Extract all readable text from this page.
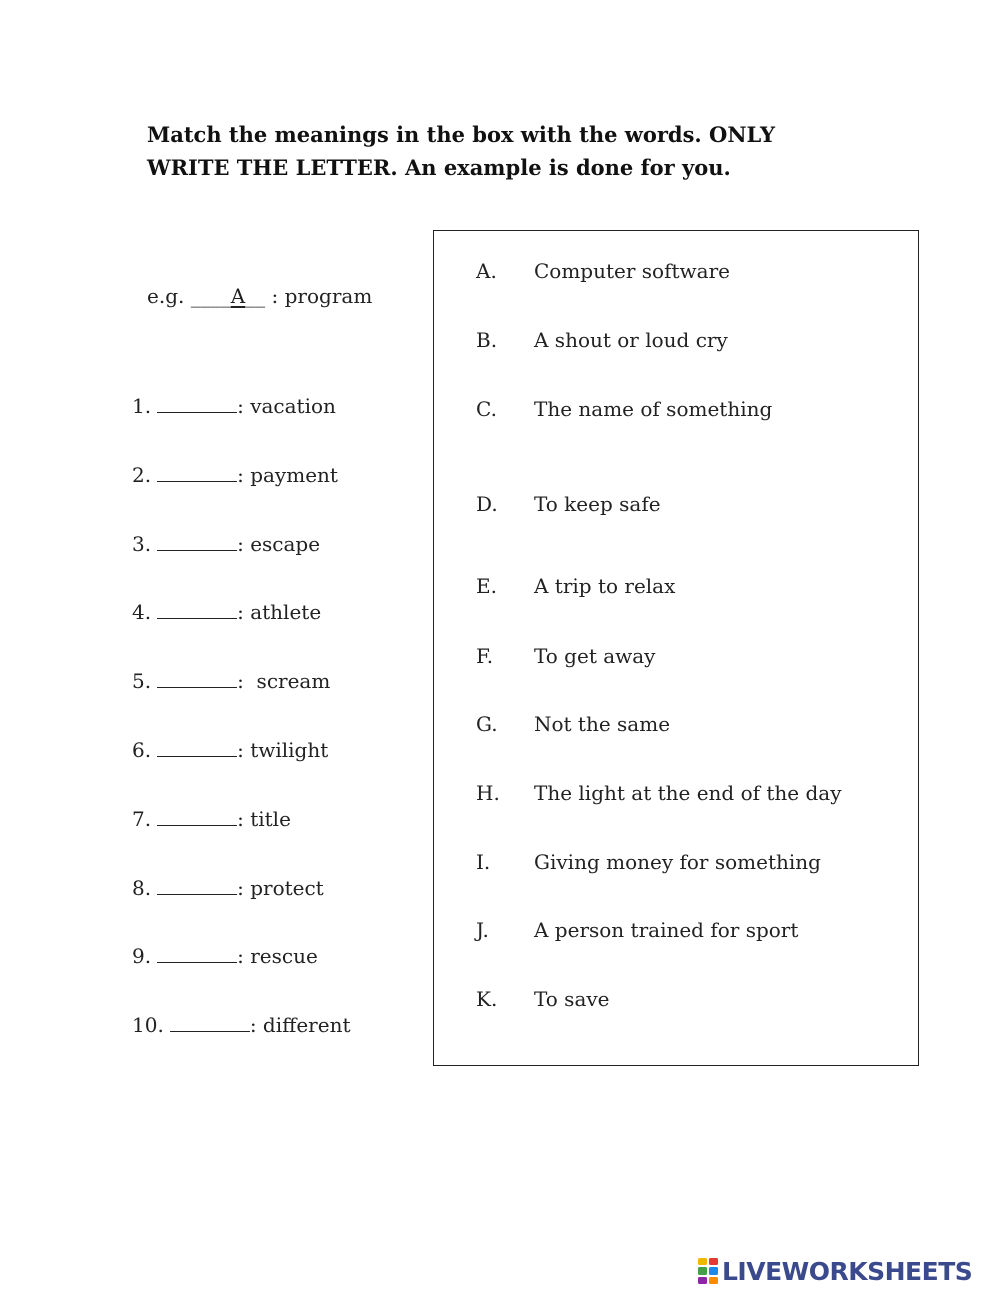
Match the meanings in the box with the words. ONLY
WRITE THE LETTER. An example is done for you.
e.g. ____A__ : program
1.	: vacation
2.	: payment
3.	: escape
4.	: athlete
5.	:  scream
6.	: twilight
7.	: title
8.	: protect
9.	: rescue
10.	: different
A. Computer software
B. A shout or loud cry
C. The name of something
D. To keep safe
E. A trip to relax
F. To get away
G. Not the same
H. The light at the end of the day
I. Giving money for something
J. A person trained for sport
K. To save
LIVEWORKSHEETS
